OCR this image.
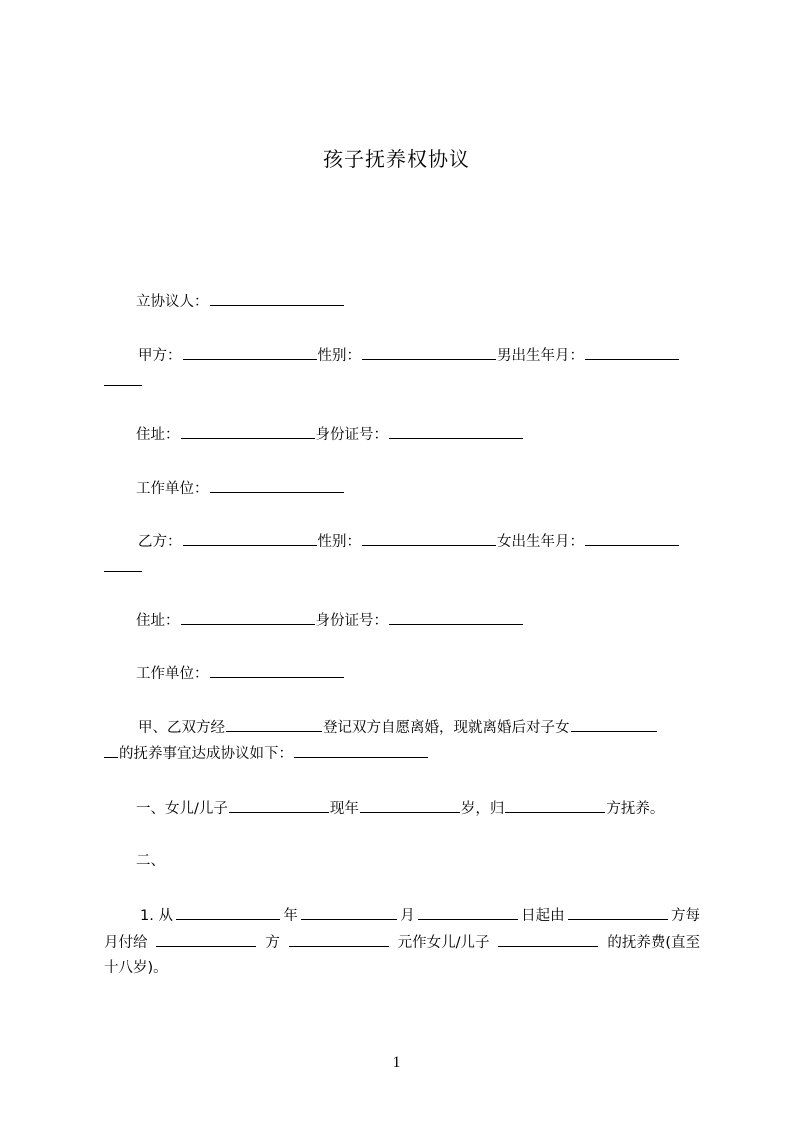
孩子抚养权协议
立协议人：
甲方：	性别：	男出生年月：
住址：	身份证号：
工作单位：
乙方：	性别：	女出生年月：
住址：	身份证号：
工作单位：
甲、乙双方经	登记双方自愿离婚，现就离婚后对子女
的抚养事宜达成协议如下：
一、女儿/儿子	现年	岁，归	方抚养。
二、
1. 从	年	月	日起由	方每
月付给	方	元作女儿/儿子	的抚养费(直至
十八岁)。
1
